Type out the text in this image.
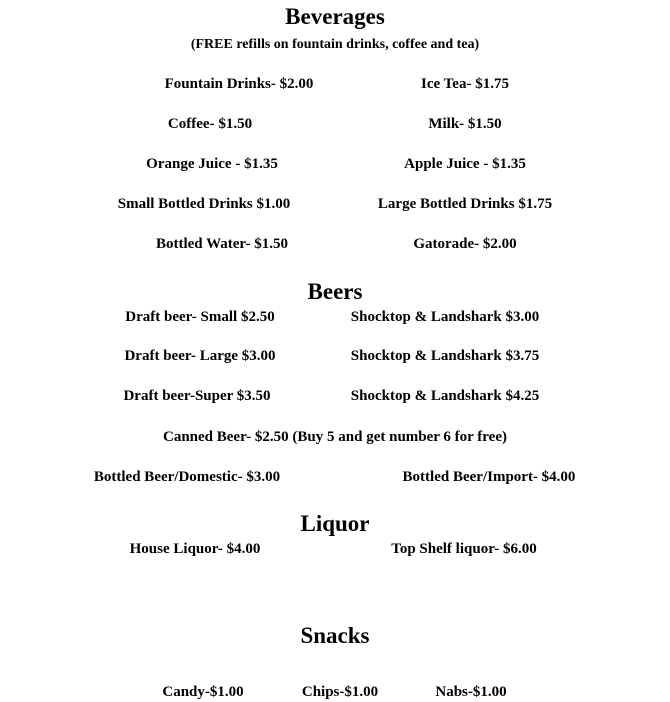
Beverages
(FREE refills on fountain drinks, coffee and tea)
Fountain Drinks- $2.00	Ice Tea- $1.75
Coffee- $1.50	Milk- $1.50
Orange Juice - $1.35	Apple Juice - $1.35
Small Bottled Drinks $1.00	Large Bottled Drinks $1.75
Bottled Water- $1.50	Gatorade- $2.00
Beers
Draft beer- Small $2.50	Shocktop & Landshark $3.00
Draft beer- Large $3.00	Shocktop & Landshark $3.75
Draft beer-Super $3.50	Shocktop & Landshark $4.25
Canned Beer- $2.50 (Buy 5 and get number 6 for free)
Bottled Beer/Domestic- $3.00	Bottled Beer/Import- $4.00
Liquor
House Liquor- $4.00	Top Shelf liquor- $6.00
Snacks
Candy-$1.00	Chips-$1.00	Nabs-$1.00
